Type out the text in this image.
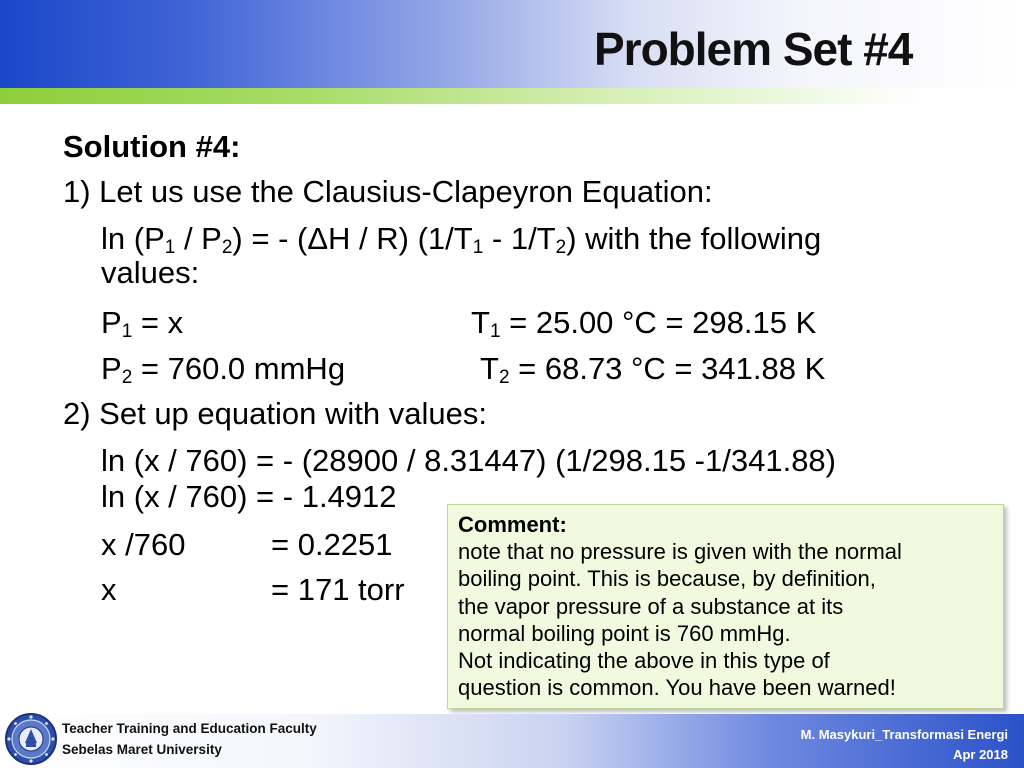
Problem Set #4
Solution #4:
1) Let us use the Clausius-Clapeyron Equation:
$\ln (P_1 / P_2)$ = - (ΔH / R) $(1/T_1 - 1/T_2)$ with the following
values:
$P_1 = x$	$T_1 = 25.00$ °C = 298.15 K
$P_2 = 760.0$ mmHg	$T_2 = 68.73$ °C = 341.88 K
2) Set up equation with values:
ln (x / 760) = - (28900 / 8.31447) (1/298.15 -1/341.88)
ln (x / 760) = - 1.4912
x /760	= 0.2251
x	= 171 torr
Comment:
note that no pressure is given with the normal
boiling point. This is because, by definition,
the vapor pressure of a substance at its
normal boiling point is 760 mmHg.
Not indicating the above in this type of
question is common. You have been warned!
Teacher Training and Education Faculty
Sebelas Maret University
M. Masykuri_Transformasi Energi
Apr 2018
